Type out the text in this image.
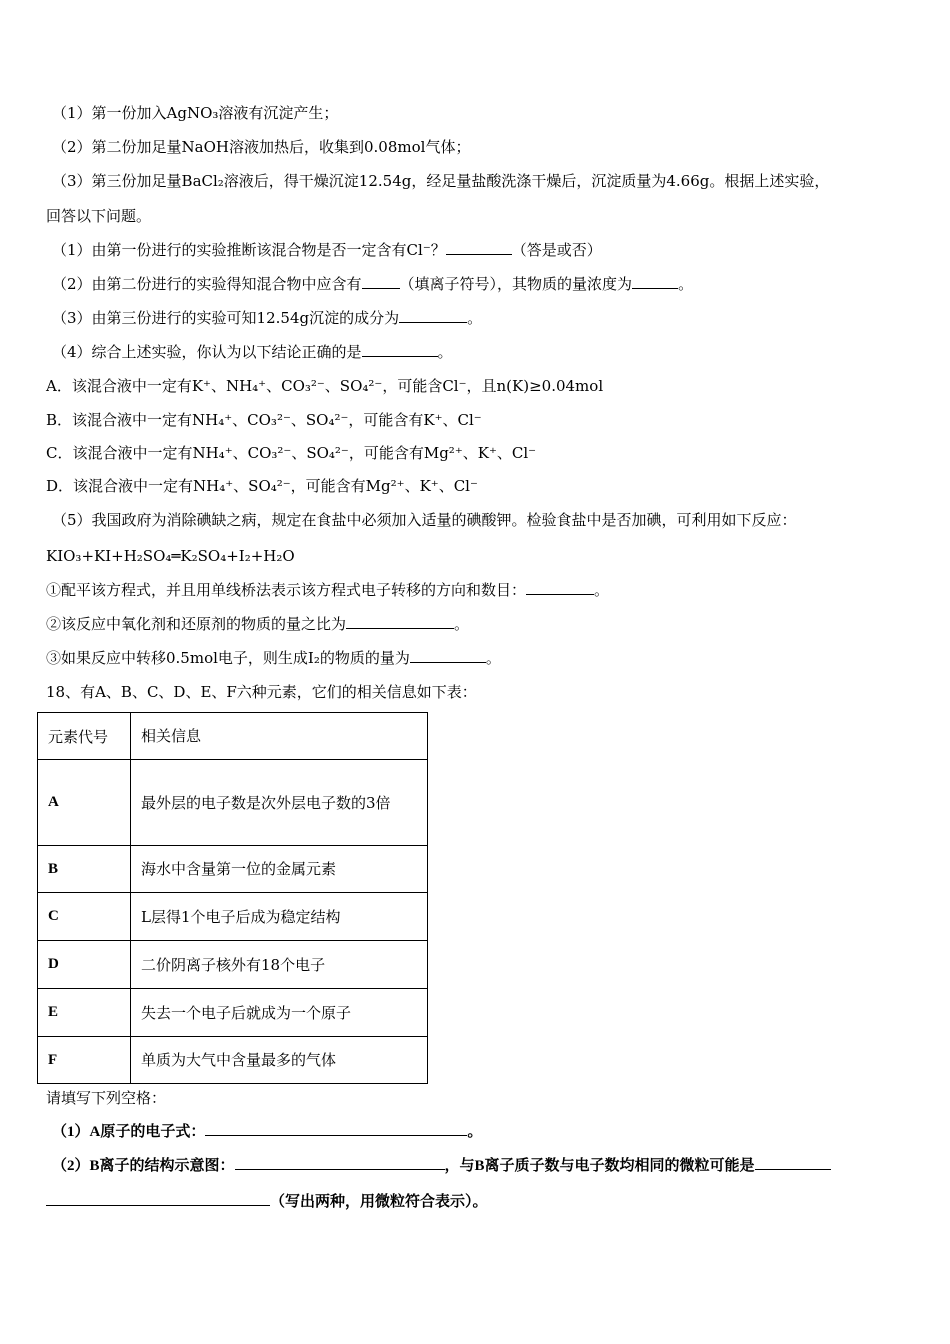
（1）第一份加入AgNO₃溶液有沉淀产生；
（2）第二份加足量NaOH溶液加热后，收集到0.08mol气体；
（3）第三份加足量BaCl₂溶液后，得干燥沉淀12.54g，经足量盐酸洗涤干燥后，沉淀质量为4.66g。根据上述实验，
回答以下问题。
（1）由第一份进行的实验推断该混合物是否一定含有Cl⁻？	（答是或否）
（2）由第二份进行的实验得知混合物中应含有	（填离子符号），其物质的量浓度为	。
（3）由第三份进行的实验可知12.54g沉淀的成分为	。
（4）综合上述实验，你认为以下结论正确的是	。
A．该混合液中一定有K⁺、NH₄⁺、CO₃²⁻、SO₄²⁻，可能含Cl⁻，且n(K)≥0.04mol
B．该混合液中一定有NH₄⁺、CO₃²⁻、SO₄²⁻，可能含有K⁺、Cl⁻
C．该混合液中一定有NH₄⁺、CO₃²⁻、SO₄²⁻，可能含有Mg²⁺、K⁺、Cl⁻
D．该混合液中一定有NH₄⁺、SO₄²⁻，可能含有Mg²⁺、K⁺、Cl⁻
（5）我国政府为消除碘缺之病，规定在食盐中必须加入适量的碘酸钾。检验食盐中是否加碘，可利用如下反应：
KIO₃+KI+H₂SO₄═K₂SO₄+I₂+H₂O
①配平该方程式，并且用单线桥法表示该方程式电子转移的方向和数目：	。
②该反应中氧化剂和还原剂的物质的量之比为	。
③如果反应中转移0.5mol电子，则生成I₂的物质的量为	。
18、有A、B、C、D、E、F六种元素，它们的相关信息如下表：
元素代号	相关信息
A	最外层的电子数是次外层电子数的3倍
B	海水中含量第一位的金属元素
C	L层得1个电子后成为稳定结构
D	二价阴离子核外有18个电子
E	失去一个电子后就成为一个原子
F	单质为大气中含量最多的气体
请填写下列空格：
（1）A原子的电子式：	。
（2）B离子的结构示意图：	，与B离子质子数与电子数均相同的微粒可能是
（写出两种，用微粒符合表示）。
